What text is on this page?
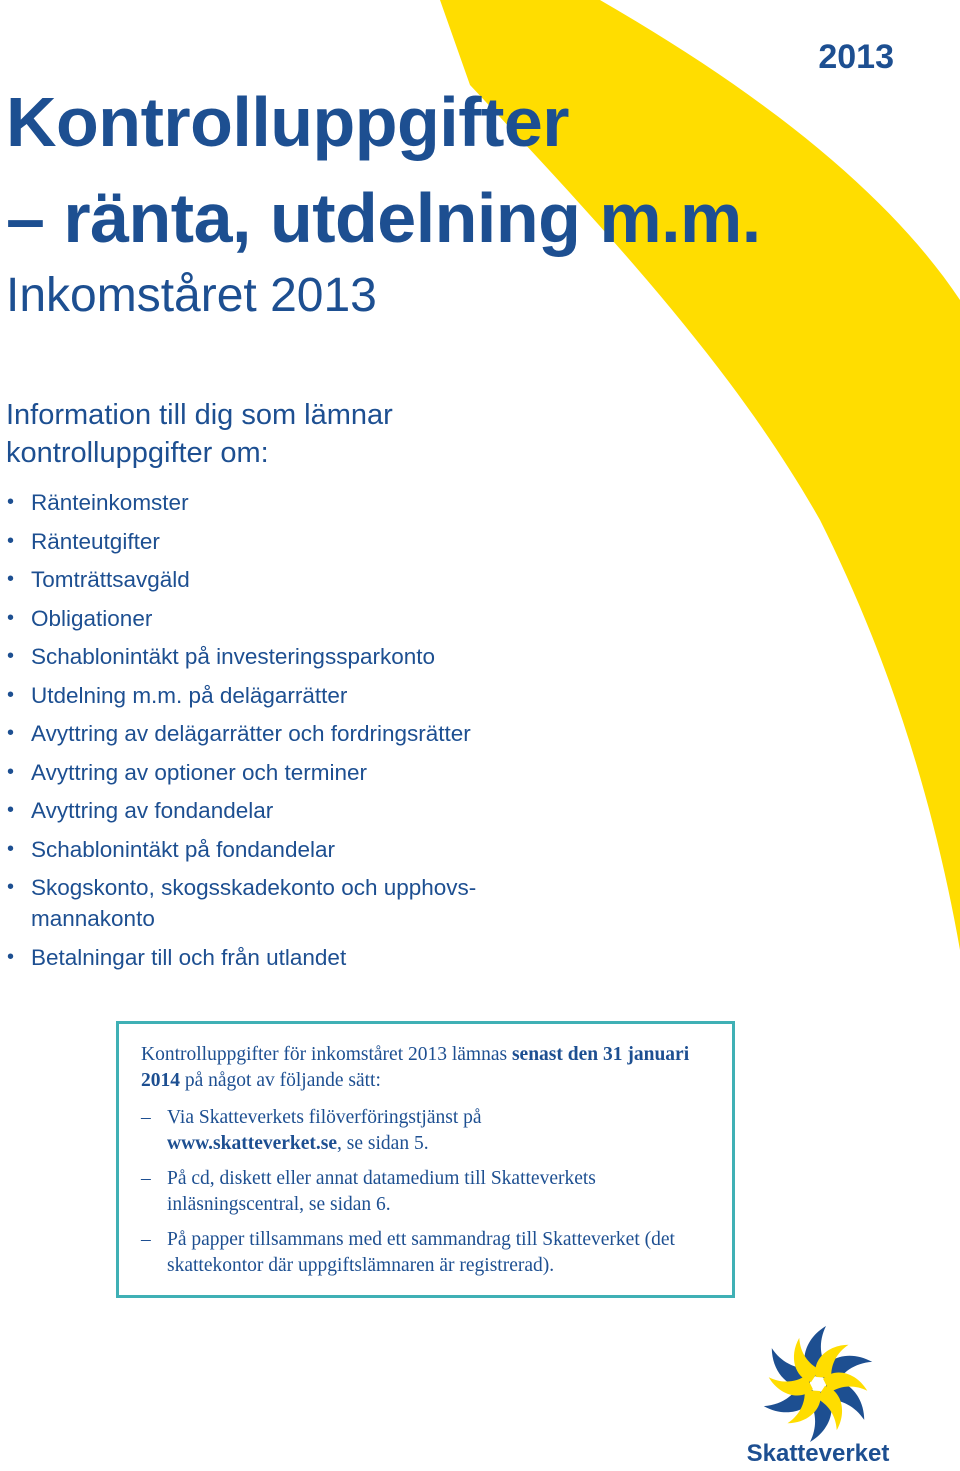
2013
Kontrolluppgifter
– ränta, utdelning m.m.
Inkomståret 2013
Information till dig som lämnar
kontrolluppgifter om:
• Ränteinkomster
• Ränteutgifter
• Tomträttsavgäld
• Obligationer
• Schablonintäkt på investeringssparkonto
• Utdelning m.m. på delägarrätter
• Avyttring av delägarrätter och fordringsrätter
• Avyttring av optioner och terminer
• Avyttring av fondandelar
• Schablonintäkt på fondandelar
• Skogskonto, skogsskadekonto och upphovs-
mannakonto
• Betalningar till och från utlandet

Kontrolluppgifter för inkomståret 2013 lämnas senast den 31 januari 2014 på något av följande sätt:

– Via Skatteverkets filöverföringstjänst på
www.skatteverket.se, se sidan 5.
– På cd, diskett eller annat datamedium till Skatteverkets inläsningscentral, se sidan 6.
– På papper tillsammans med ett sammandrag till Skatteverket (det skattekontor där uppgiftslämnaren är registrerad).
Skatteverket
